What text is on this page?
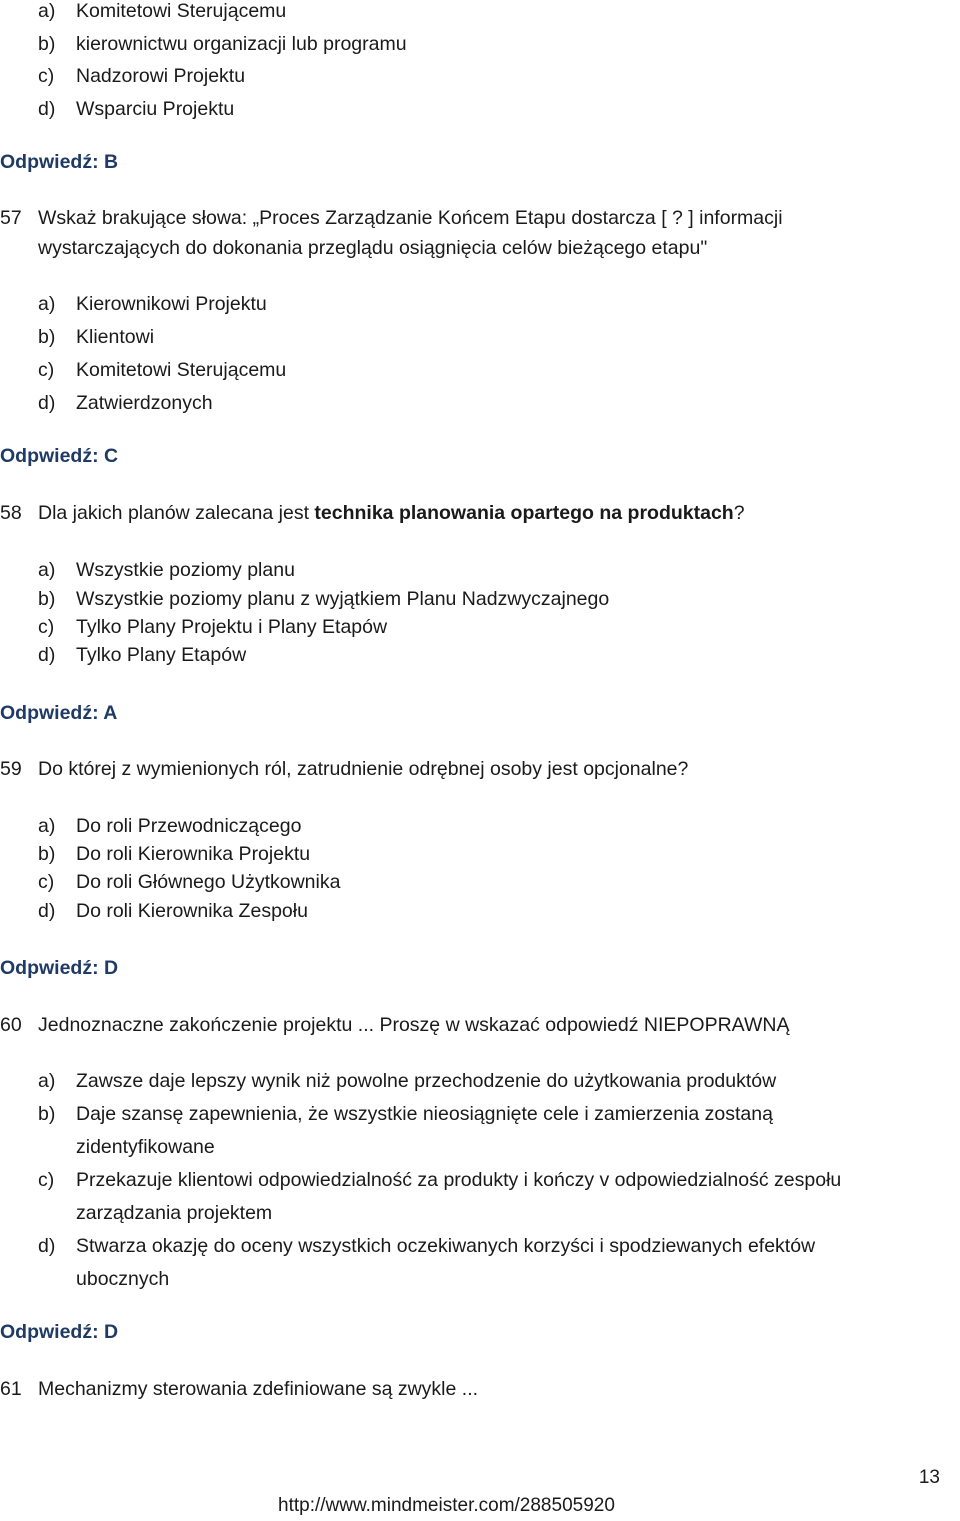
a) Komitetowi Sterującemu
b) kierownictwu organizacji lub programu
c) Nadzorowi Projektu
d) Wsparciu Projektu
Odpwiedź: B
57 Wskaż brakujące słowa: „Proces Zarządzanie Końcem Etapu dostarcza [ ? ] informacji
wystarczających do dokonania przeglądu osiągnięcia celów bieżącego etapu"
a) Kierownikowi Projektu
b) Klientowi
c) Komitetowi Sterującemu
d) Zatwierdzonych
Odpwiedź: C
58 Dla jakich planów zalecana jest technika planowania opartego na produktach?
a) Wszystkie poziomy planu
b) Wszystkie poziomy planu z wyjątkiem Planu Nadzwyczajnego
c) Tylko Plany Projektu i Plany Etapów
d) Tylko Plany Etapów
Odpwiedź: A
59 Do której z wymienionych ról, zatrudnienie odrębnej osoby jest opcjonalne?
a) Do roli Przewodniczącego
b) Do roli Kierownika Projektu
c) Do roli Głównego Użytkownika
d) Do roli Kierownika Zespołu
Odpwiedź: D
60 Jednoznaczne zakończenie projektu ... Proszę w wskazać odpowiedź NIEPOPRAWNĄ
a) Zawsze daje lepszy wynik niż powolne przechodzenie do użytkowania produktów
b) Daje szansę zapewnienia, że wszystkie nieosiągnięte cele i zamierzenia zostaną
zidentyfikowane
c) Przekazuje klientowi odpowiedzialność za produkty i kończy v odpowiedzialność zespołu
zarządzania projektem
d) Stwarza okazję do oceny wszystkich oczekiwanych korzyści i spodziewanych efektów
ubocznych
Odpwiedź: D
61 Mechanizmy sterowania zdefiniowane są zwykle ...
13
http://www.mindmeister.com/288505920
